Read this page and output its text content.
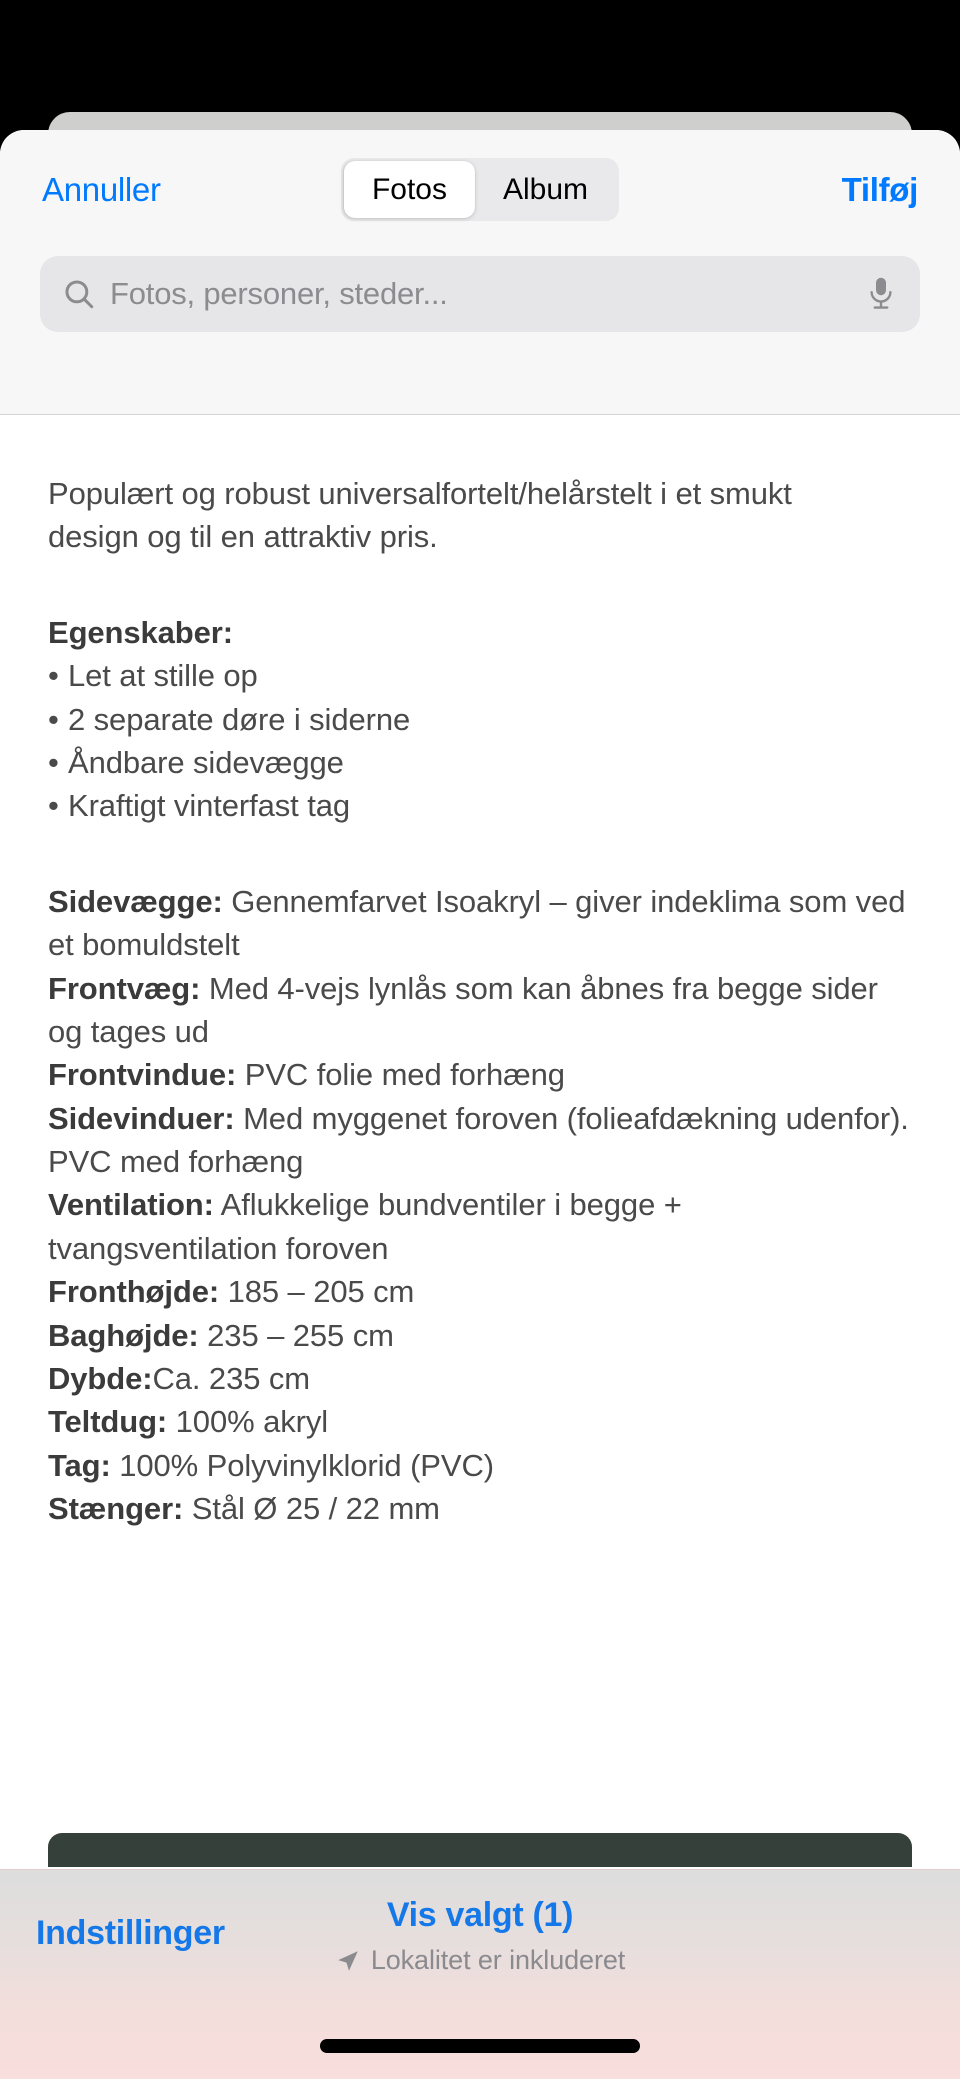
Annuller	Fotos	Album	Tilføj
Fotos, personer, steder...

Populært og robust universalfortelt/helårstelt i et smukt design og til en attraktiv pris.

Egenskaber:
• Let at stille op
• 2 separate døre i siderne
• Åndbare sidevægge
• Kraftigt vinterfast tag

Sidevægge: Gennemfarvet Isoakryl – giver indeklima som ved et bomuldstelt
Frontvæg: Med 4-vejs lynlås som kan åbnes fra begge sider og tages ud
Frontvindue: PVC folie med forhæng
Sidevinduer: Med myggenet foroven (folieafdækning udenfor). PVC med forhæng
Ventilation: Aflukkelige bundventiler i begge + tvangsventilation foroven
Fronthøjde: 185 – 205 cm
Baghøjde: 235 – 255 cm
Dybde:Ca. 235 cm
Teltdug: 100% akryl
Tag: 100% Polyvinylklorid (PVC)
Stænger: Stål Ø 25 / 22 mm

Indstillinger	Vis valgt (1)
Lokalitet er inkluderet
